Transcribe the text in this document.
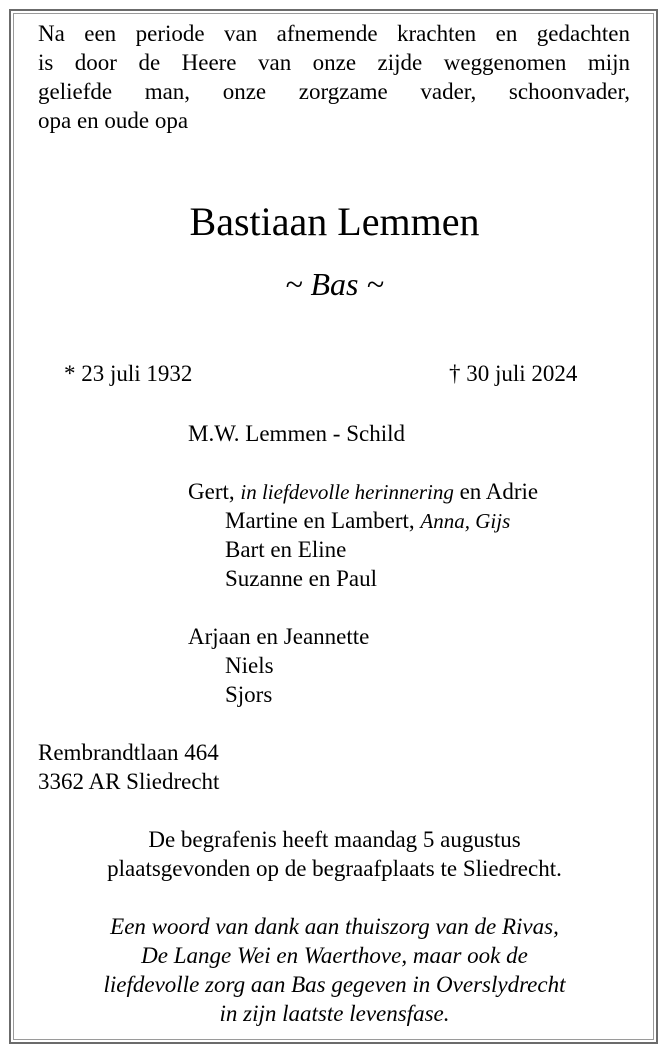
Na een periode van afnemende krachten en gedachten
is door de Heere van onze zijde weggenomen mijn
geliefde man, onze zorgzame vader, schoonvader,
opa en oude opa
Bastiaan Lemmen
~ Bas ~
* 23 juli 1932	† 30 juli 2024
M.W. Lemmen - Schild
Gert, in liefdevolle herinnering en Adrie
Martine en Lambert, Anna, Gijs
Bart en Eline
Suzanne en Paul
Arjaan en Jeannette
Niels
Sjors
Rembrandtlaan 464
3362 AR Sliedrecht
De begrafenis heeft maandag 5 augustus
plaatsgevonden op de begraafplaats te Sliedrecht.
Een woord van dank aan thuiszorg van de Rivas,
De Lange Wei en Waerthove, maar ook de
liefdevolle zorg aan Bas gegeven in Overslydrecht
in zijn laatste levensfase.
